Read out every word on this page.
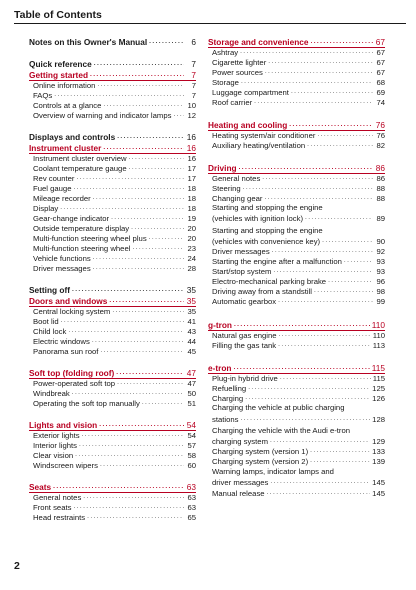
Table of Contents
Notes on this Owner's Manual .....	6
Quick reference .....	7
Getting started .....	7
Online information .....	7
FAQs .....	7
Controls at a glance .....	10
Overview of warning and indicator lamps ..... 12
Displays and controls .....	16
Instrument cluster .....	16
Instrument cluster overview .....	16
Coolant temperature gauge .....	17
Rev counter .....	17
Fuel gauge .....	18
Mileage recorder .....	18
Display .....	18
Gear-change indicator .....	19
Outside temperature display .....	20
Multi-function steering wheel plus .....	20
Multi-function steering wheel .....	23
Vehicle functions .....	24
Driver messages .....	28
Setting off .....	35
Doors and windows .....	35
Central locking system .....	35
Boot lid .....	41
Child lock .....	43
Electric windows .....	44
Panorama sun roof .....	45
Soft top (folding roof) .....	47
Power-operated soft top .....	47
Windbreak .....	50
Operating the soft top manually .....	51
Lights and vision .....	54
Exterior lights .....	54
Interior lights .....	57
Clear vision .....	58
Windscreen wipers .....	60
Seats .....	63
General notes .....	63
Front seats .....	63
Head restraints .....	65
Storage and convenience .....	67
Ashtray .....	67
Cigarette lighter .....	67
Power sources .....	67
Storage .....	68
Luggage compartment .....	69
Roof carrier .....	74
Heating and cooling .....	76
Heating system/air conditioner .....	76
Auxiliary heating/ventilation .....	82
Driving .....	86
General notes .....	86
Steering .....	88
Changing gear .....	88
Starting and stopping the engine
(vehicles with ignition lock) .....	89
Starting and stopping the engine
(vehicles with convenience key) .....	90
Driver messages .....	92
Starting the engine after a malfunction .....	93
Start/stop system .....	93
Electro-mechanical parking brake .....	96
Driving away from a standstill .....	98
Automatic gearbox .....	99
g-tron .....	110
Natural gas engine .....	110
Filling the gas tank .....	113
e-tron .....	115
Plug-in hybrid drive .....	115
Refuelling .....	125
Charging .....	126
Charging the vehicle at public charging
stations .....	128
Charging the vehicle with the Audi e-tron
charging system .....	129
Charging system (version 1) .....	133
Charging system (version 2) .....	139
Warning lamps, indicator lamps and
driver messages .....	145
Manual release .....	145
2
